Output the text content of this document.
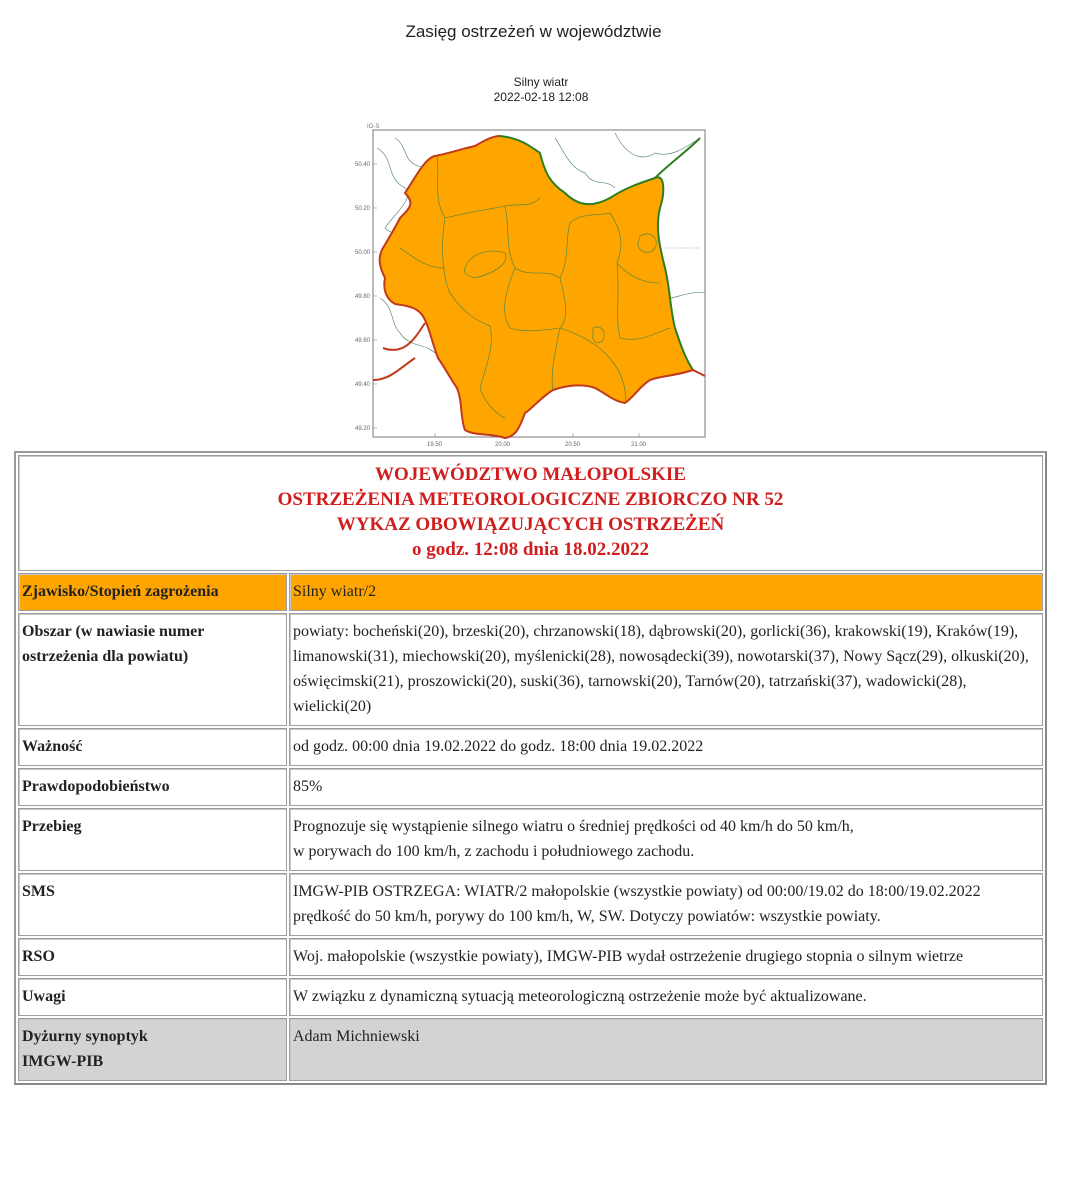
Zasięg ostrzeżeń w województwie
Silny wiatr
2022-02-18 12:08
IO-S
50.40
50.20
50.00
49.80
49.60
49.40
49.20
19.50	20.00	20.50	21.00
WOJEWÓDZTWO MAŁOPOLSKIE
OSTRZEŻENIA METEOROLOGICZNE ZBIORCZO NR 52
WYKAZ OBOWIĄZUJĄCYCH OSTRZEŻEŃ
o godz. 12:08 dnia 18.02.2022	

Zjawisko/Stopień zagrożenia	Silny wiatr/2
Obszar (w nawiasie numer ostrzeżenia dla powiatu)	powiaty: bocheński(20), brzeski(20), chrzanowski(18), dąbrowski(20), gorlicki(36), krakowski(19), Kraków(19), limanowski(31), miechowski(20), myślenicki(28), nowosądecki(39), nowotarski(37), Nowy Sącz(29), olkuski(20), oświęcimski(21), proszowicki(20), suski(36), tarnowski(20), Tarnów(20), tatrzański(37), wadowicki(28), wielicki(20)
Ważność	od godz. 00:00 dnia 19.02.2022 do godz. 18:00 dnia 19.02.2022
Prawdopodobieństwo	85%
Przebieg	Prognozuje się wystąpienie silnego wiatru o średniej prędkości od 40 km/h do 50 km/h,
w porywach do 100 km/h, z zachodu i południowego zachodu.

SMS	IMGW-PIB OSTRZEGA: WIATR/2 małopolskie (wszystkie powiaty) od 00:00/19.02 do 18:00/19.02.2022 prędkość do 50 km/h, porywy do 100 km/h, W, SW. Dotyczy powiatów: wszystkie powiaty.
RSO	Woj. małopolskie (wszystkie powiaty), IMGW-PIB wydał ostrzeżenie drugiego stopnia o silnym wietrze
Uwagi	W związku z dynamiczną sytuacją meteorologiczną ostrzeżenie może być aktualizowane.

Dyżurny synoptyk
IMGW-PIB	Adam Michniewski
